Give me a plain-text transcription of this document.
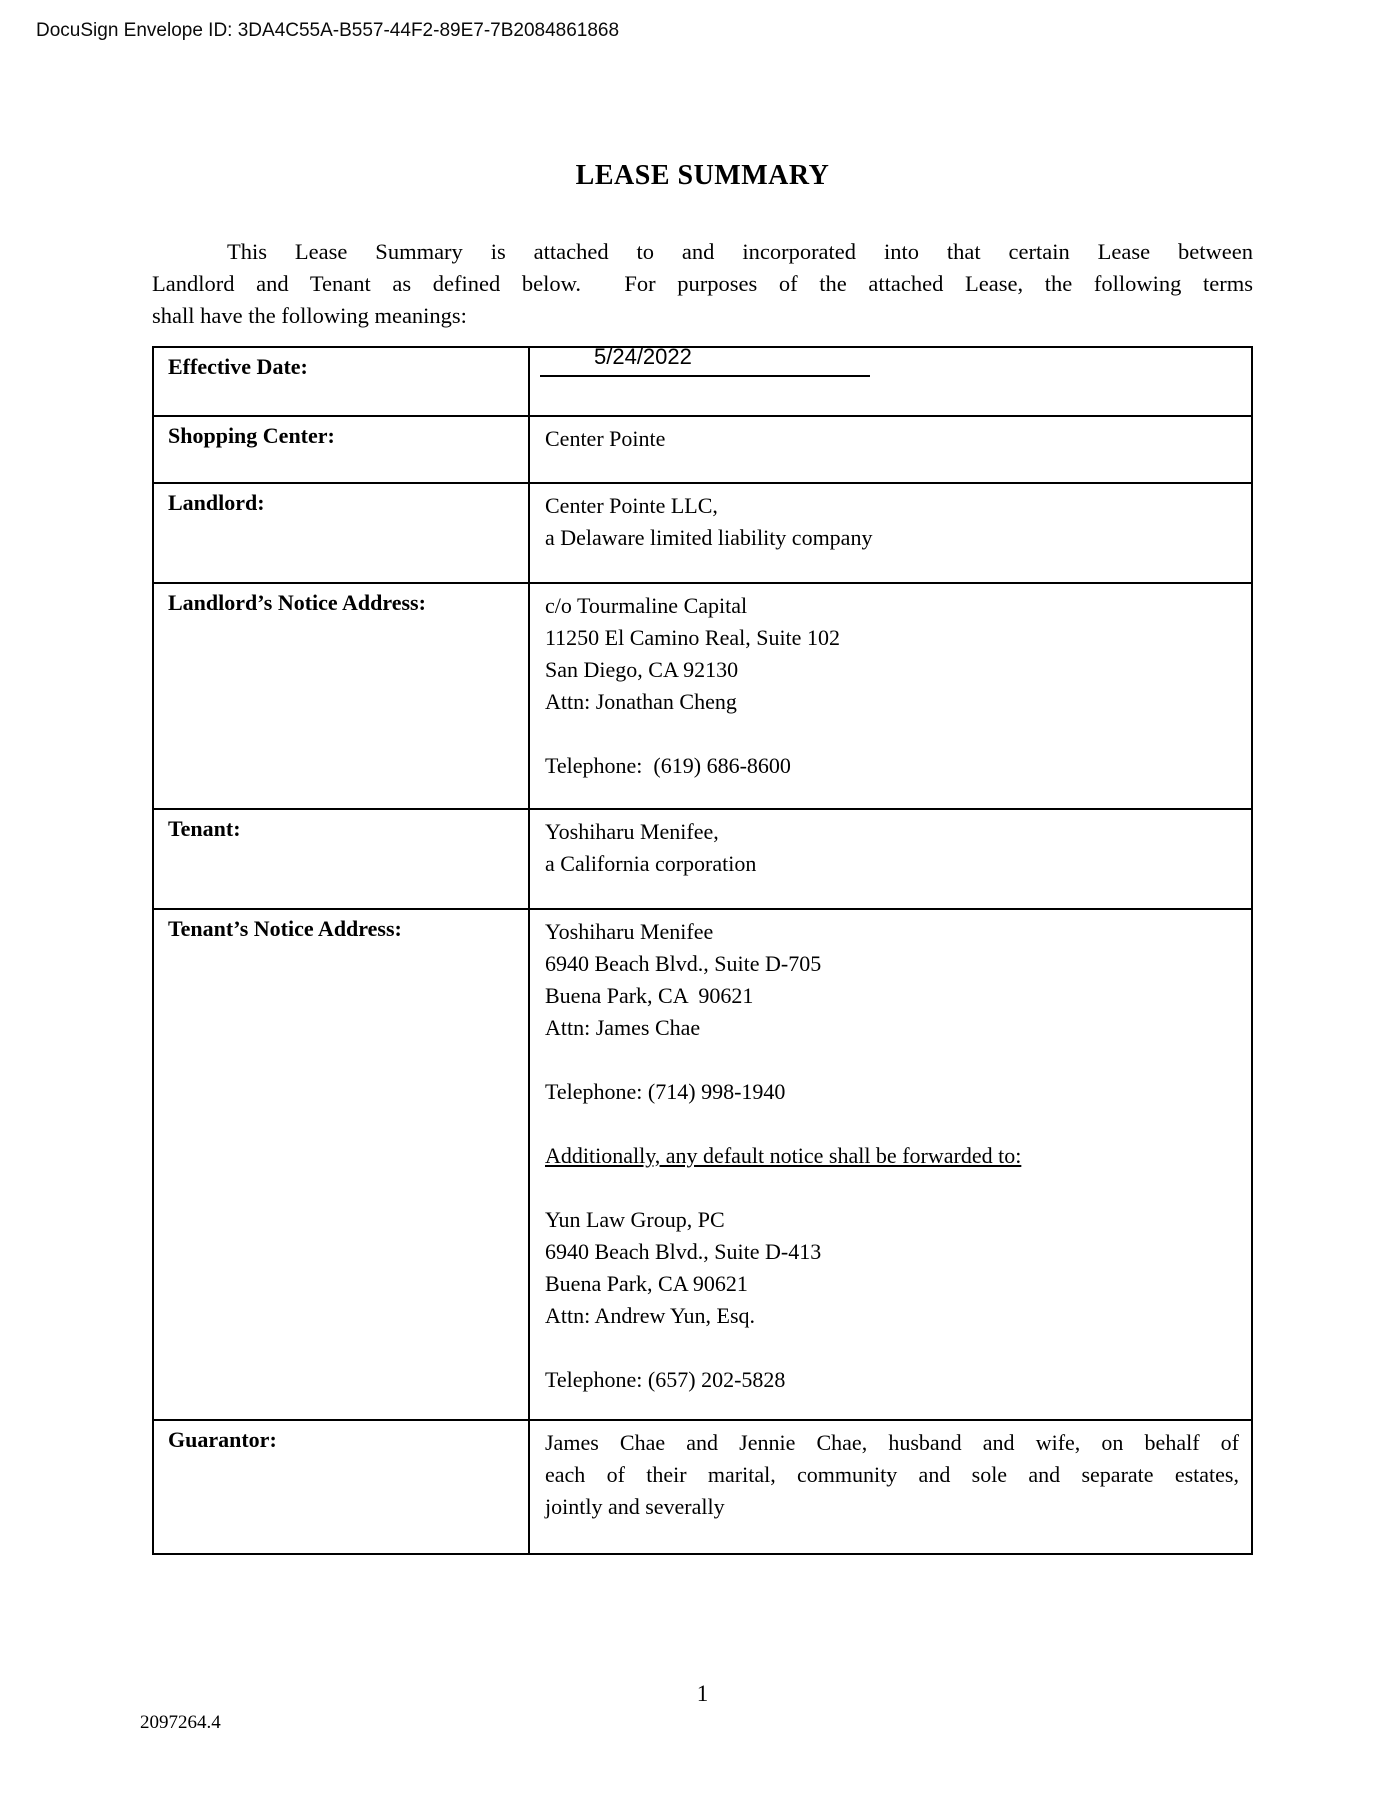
DocuSign Envelope ID: 3DA4C55A-B557-44F2-89E7-7B2084861868
LEASE SUMMARY
This Lease Summary is attached to and incorporated into that certain Lease between
Landlord and Tenant as defined below.  For purposes of the attached Lease, the following terms
shall have the following meanings:
Effective Date:	5/24/2022

Shopping Center:	Center Pointe

Landlord:	Center Pointe LLC,
a Delaware limited liability company

Landlord’s Notice Address:	c/o Tourmaline Capital
11250 El Camino Real, Suite 102
San Diego, CA 92130
Attn: Jonathan Cheng
Telephone:  (619) 686-8600

Tenant:	Yoshiharu Menifee,
a California corporation

Tenant’s Notice Address:	Yoshiharu Menifee
6940 Beach Blvd., Suite D-705
Buena Park, CA  90621
Attn: James Chae
Telephone: (714) 998-1940
Additionally, any default notice shall be forwarded to:
Yun Law Group, PC
6940 Beach Blvd., Suite D-413
Buena Park, CA 90621
Attn: Andrew Yun, Esq.
Telephone: (657) 202-5828

Guarantor:	James Chae and Jennie Chae, husband and wife, on behalf of
each of their marital, community and sole and separate estates,
jointly and severally
1
2097264.4
